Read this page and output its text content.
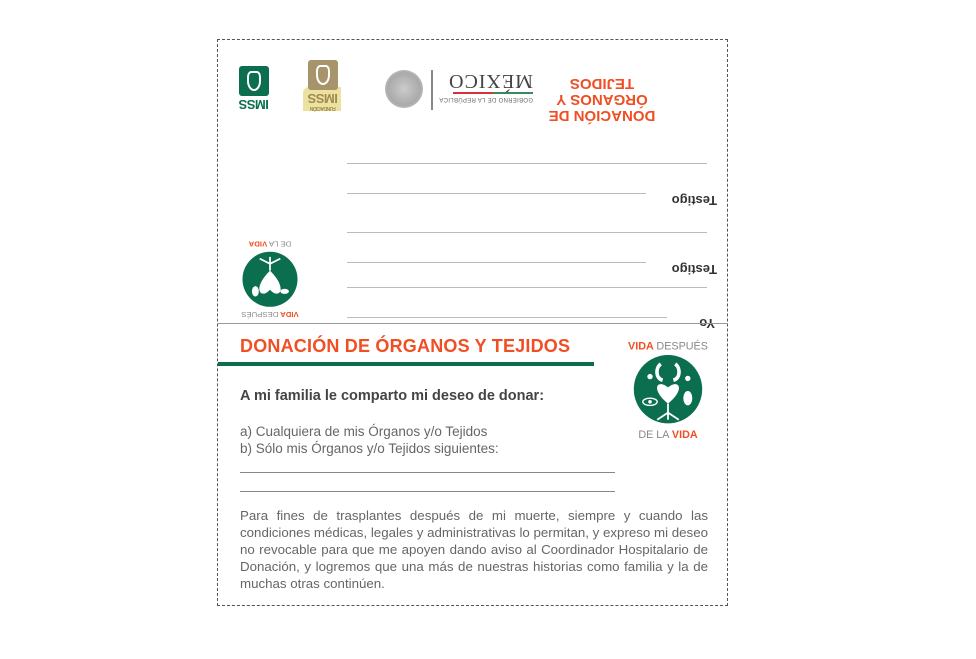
DONACIÓN DE
ÓRGANOS Y TEJIDOS
GOBIERNO DE LA REPÚBLICA
MÉXICO
FUNDACIÓN
IMSS
IMSS
Testigo
Testigo
Yo
VIDA DESPUÉS
DE LA VIDA
DONACIÓN DE ÓRGANOS Y TEJIDOS
A mi familia le comparto mi deseo de donar:
a) Cualquiera de mis Órganos y/o Tejidos
b) Sólo mis Órganos y/o Tejidos siguientes:
Para fines de trasplantes después de mi muerte, siempre y cuando las condiciones médicas, legales y administrativas lo permitan, y expreso mi deseo no revocable para que me apoyen dando aviso al Coordinador Hospitalario de Donación, y logremos que una más de nuestras historias como familia y la de muchas otras continúen.
VIDA DESPUÉS
DE LA VIDA
